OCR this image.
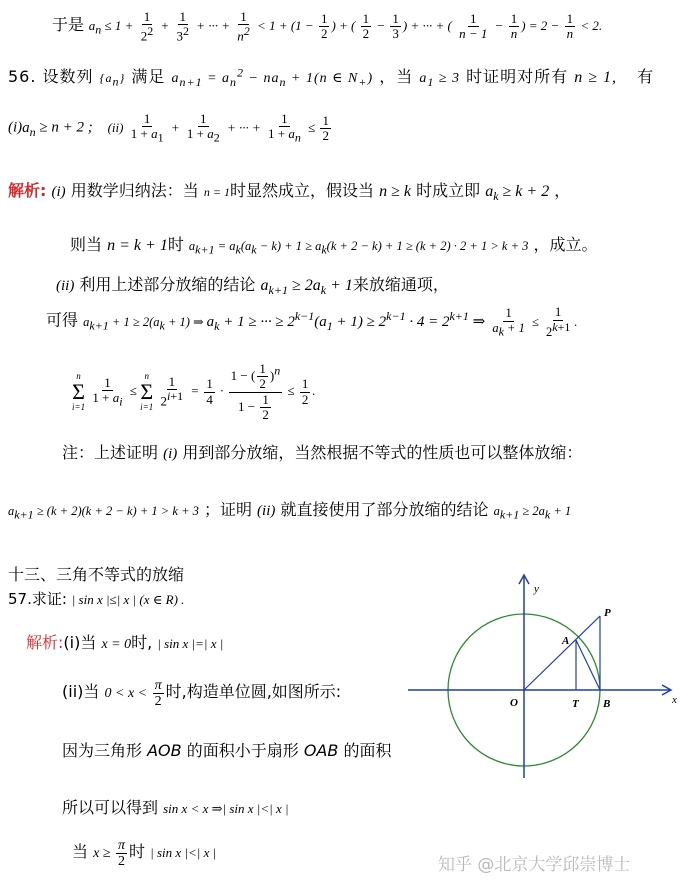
于是 $a_n \le 1 + \frac{1}{2^2} + \frac{1}{3^2}$ + ··· + $\frac{1}{n^2} < 1 + (1 - \frac{1}{2}$ ) + ( $\frac{1}{2} - \frac{1}{3}$ ) + ··· + ( $\frac{1}{n - 1} - \frac{1}{n}$ ) = $2 - \frac{1}{n} < 2$.
56. 设数列 $\{a_n\}$ 满足 $a_{n+1} = a_n^2 - na_n + 1(n$ ∈ $N_+$) ，当 $a_1 \ge 3$ 时证明对所有 n ≥ 1, 有
$(i)a_n \ge n + 2$ ; $(ii) \frac{1}{1 + a_1} + \frac{1}{1 + a_2}$ + ··· + $\frac{1}{1 + a_n} \le \frac{1}{2}$
解析: (i) 用数学归纳法：当 n = 1时显然成立，假设当 n ≥ k 时成立即 $a_k \ge k + 2$ ，
则当 n = k + 1时 $a_{k+1} = a_k(a_k - k) + 1 \ge a_k(k + 2 - k) + 1 \ge (k + 2) \cdot 2 + 1 > k + 3$ ，成立。
(ii) 利用上述部分放缩的结论 $a_{k+1} \ge 2a_k + 1$来放缩通项，
可得 $a_{k+1} + 1 \ge 2(a_k + 1)$ ⇒ $a_k + 1$ ≥ ··· ≥ $2^{k-1}(a_1 + 1) \ge 2^{k-1} \cdot 4 = 2^{k+1}$ ⇒ $\frac{1}{a_k + 1} \le \frac{1}{2^{k+1}}$ .
n
Σ
i=1
$\frac{1}{1 + a_i}$ ≤
n
Σ
i=1
$\frac{1}{2^{i+1}} = \frac{1}{4} \cdot \frac{1 - ( \frac{1}{2} )^n}{1 - \frac{1}{2}} \le \frac{1}{2}$ .
注：上述证明 (i) 用到部分放缩，当然根据不等式的性质也可以整体放缩：
$a_{k+1} \ge (k + 2)(k + 2 - k) + 1 > k + 3$ ；证明 (ii) 就直接使用了部分放缩的结论 $a_{k+1} \ge 2a_k + 1$
十三、三角不等式的放缩
57.求证: | sin x |≤| x | (x ∈ R) .
解析:(i)当 x = 0时, | sin x |=| x |
(ii)当 $0 < x < \frac{\pi}{2}$ 时,构造单位圆,如图所示:
因为三角形 AOB 的面积小于扇形 OAB 的面积
所以可以得到 sin x < x ⇒| sin x |<| x |
当 $x \ge \frac{\pi}{2}$ 时 | sin x |<| x |
y
x
O
A
P
T B
知乎 @北京大学邱崇博士
